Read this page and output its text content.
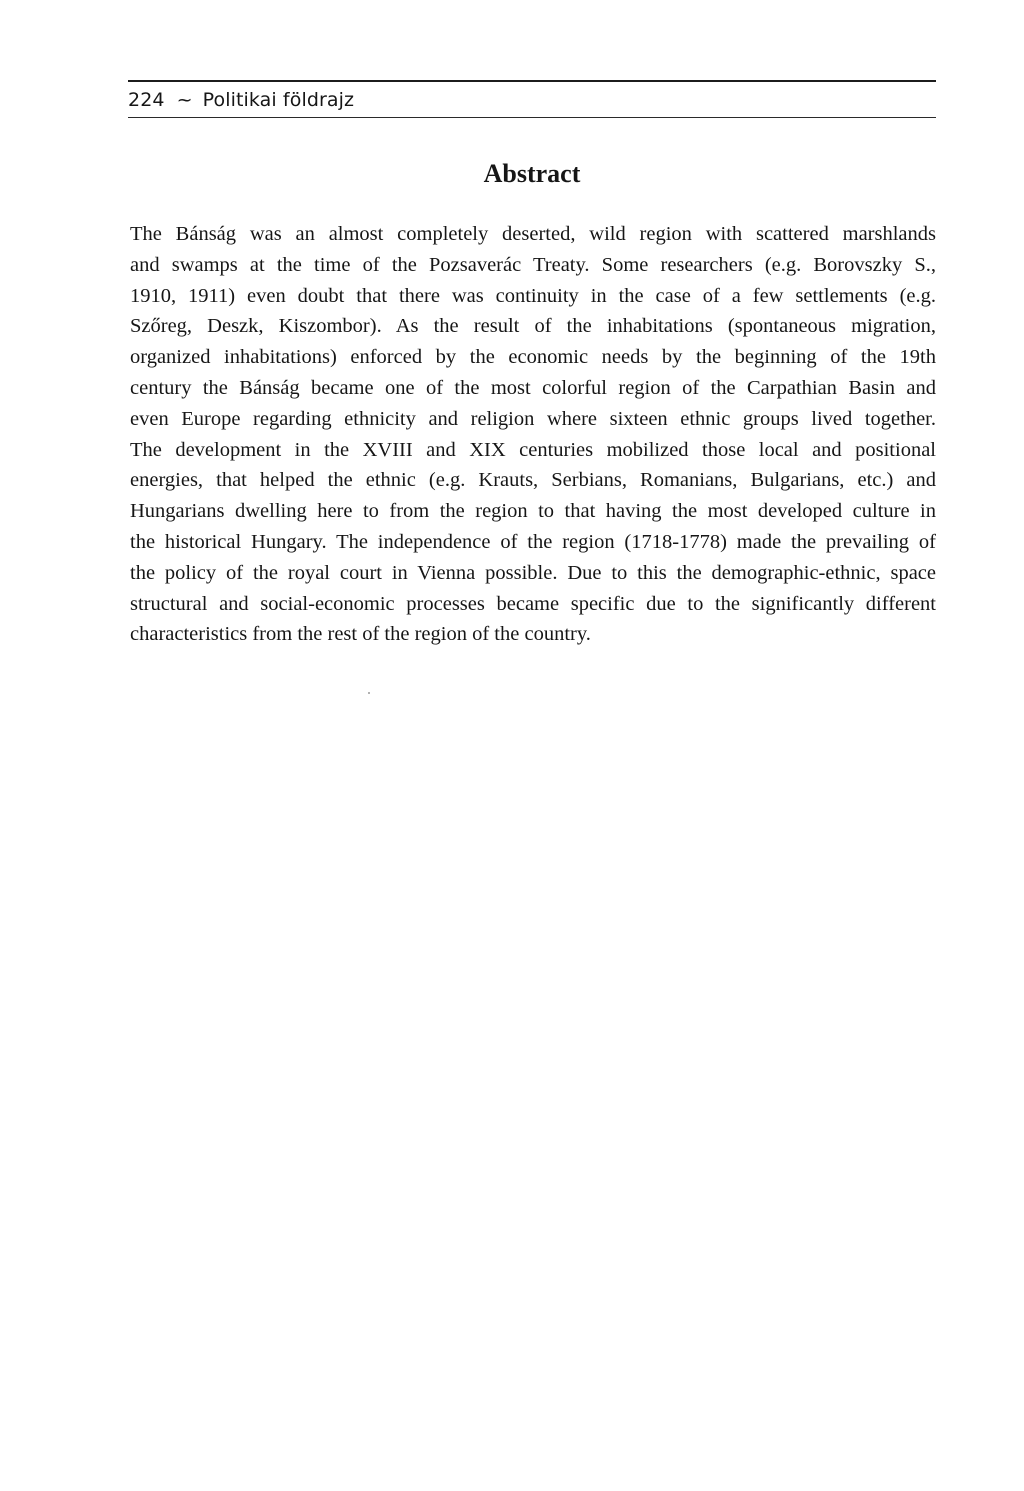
224 ~ Politikai földrajz
Abstract
The Bánság was an almost completely deserted, wild region with scattered marshlands
and swamps at the time of the Pozsaverác Treaty. Some researchers (e.g. Borovszky S.,
1910, 1911) even doubt that there was continuity in the case of a few settlements (e.g.
Szőreg, Deszk, Kiszombor). As the result of the inhabitations (spontaneous migration,
organized inhabitations) enforced by the economic needs by the beginning of the 19th
century the Bánság became one of the most colorful region of the Carpathian Basin and
even Europe regarding ethnicity and religion where sixteen ethnic groups lived together.
The development in the XVIII and XIX centuries mobilized those local and positional
energies, that helped the ethnic (e.g. Krauts, Serbians, Romanians, Bulgarians, etc.) and
Hungarians dwelling here to from the region to that having the most developed culture in
the historical Hungary. The independence of the region (1718-1778) made the prevailing of
the policy of the royal court in Vienna possible. Due to this the demographic-ethnic, space
structural and social-economic processes became specific due to the significantly different
characteristics from the rest of the region of the country.
